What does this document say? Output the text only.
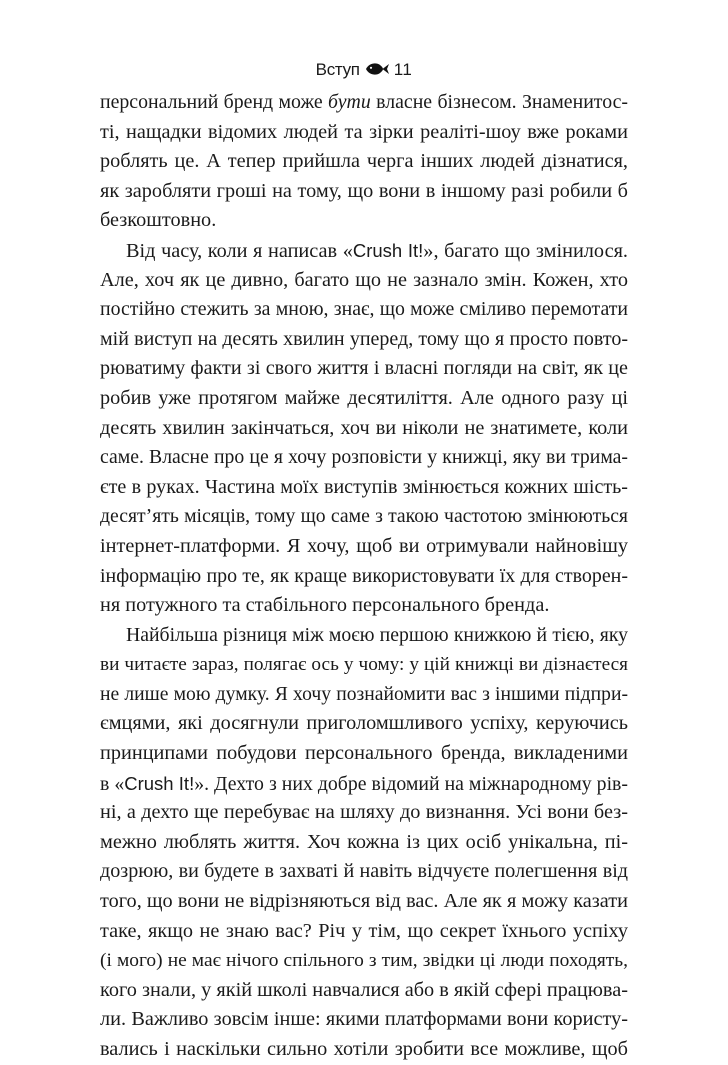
Вступ 11
персональний бренд може бути власне бізнесом. Знаменитос-
ті, нащадки відомих людей та зірки реаліті-шоу вже роками
роблять це. А тепер прийшла черга інших людей дізнатися,
як заробляти гроші на тому, що вони в іншому разі робили б
безкоштовно.
Від часу, коли я написав «Crush It!», багато що змінилося.
Але, хоч як це дивно, багато що не зазнало змін. Кожен, хто
постійно стежить за мною, знає, що може сміливо перемотати
мій виступ на десять хвилин уперед, тому що я просто повто-
рюватиму факти зі свого життя і власні погляди на світ, як це
робив уже протягом майже десятиліття. Але одного разу ці
десять хвилин закінчаться, хоч ви ніколи не знатимете, коли
саме. Власне про це я хочу розповісти у книжці, яку ви трима-
єте в руках. Частина моїх виступів змінюється кожних шість-
десят’ять місяців, тому що саме з такою частотою змінюються
інтернет-платформи. Я хочу, щоб ви отримували найновішу
інформацію про те, як краще використовувати їх для створен-
ня потужного та стабільного персонального бренда.
Найбільша різниця між моєю першою книжкою й тією, яку
ви читаєте зараз, полягає ось у чому: у цій книжці ви дізнаєтеся
не лише мою думку. Я хочу познайомити вас з іншими підпри-
ємцями, які досягнули приголомшливого успіху, керуючись
принципами побудови персонального бренда, викладеними
в «Crush It!». Дехто з них добре відомий на міжнародному рів-
ні, а дехто ще перебуває на шляху до визнання. Усі вони без-
межно люблять життя. Хоч кожна із цих осіб унікальна, пі-
дозрюю, ви будете в захваті й навіть відчуєте полегшення від
того, що вони не відрізняються від вас. Але як я можу казати
таке, якщо не знаю вас? Річ у тім, що секрет їхнього успіху
(і мого) не має нічого спільного з тим, звідки ці люди походять,
кого знали, у якій школі навчалися або в якій сфері працюва-
ли. Важливо зовсім інше: якими платформами вони користу-
вались і наскільки сильно хотіли зробити все можливе, щоб
